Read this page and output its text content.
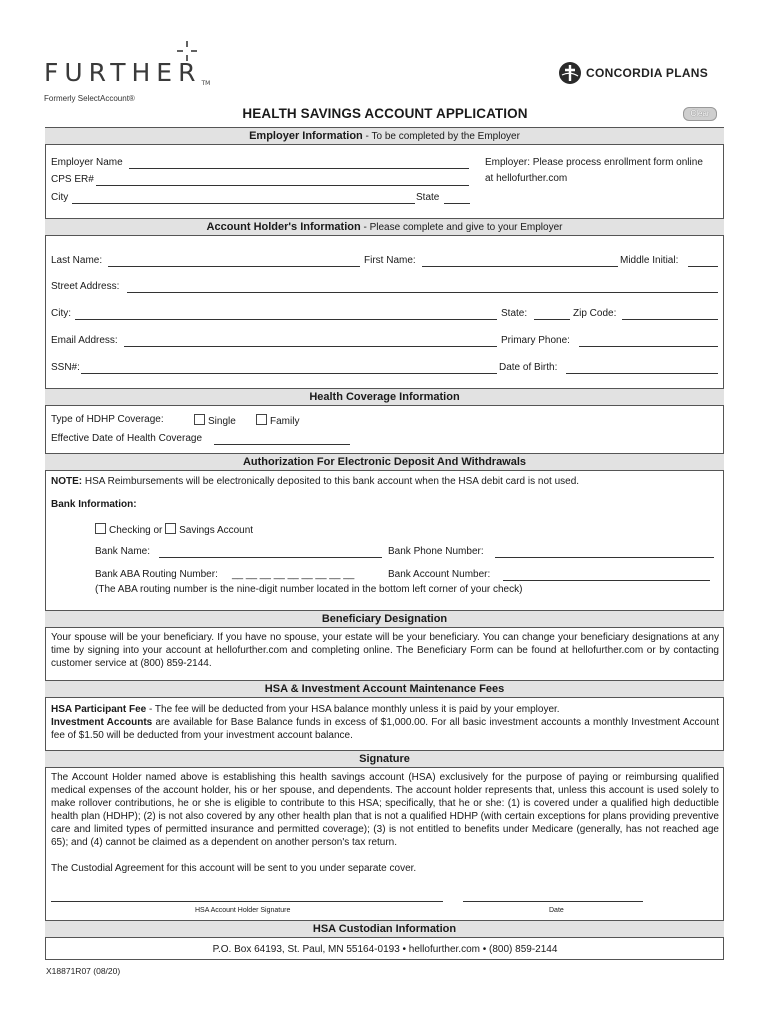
FURTHERTM
Formerly SelectAccount®
CONCORDIA PLANS
HEALTH SAVINGS ACCOUNT APPLICATION	Clear
Employer Information - To be completed by the Employer
Employer Name
CPS ER#
City	State
Employer: Please process enrollment form online
at hellofurther.com
Account Holder's Information - Please complete and give to your Employer
Last Name:	First Name:	Middle Initial:
Street Address:
City:	State:	Zip Code:
Email Address:	Primary Phone:
SSN#:	Date of Birth:
Health Coverage Information
Type of HDHP Coverage:	Single	Family
Effective Date of Health Coverage
Authorization For Electronic Deposit And Withdrawals
NOTE: HSA Reimbursements will be electronically deposited to this bank account when the HSA debit card is not used.
Bank Information:
Checking or Savings Account
Bank Name:	Bank Phone Number:
Bank ABA Routing Number: __ __ __ __ __ __ __ __ __	Bank Account Number:
(The ABA routing number is the nine-digit number located in the bottom left corner of your check)
Beneficiary Designation
Your spouse will be your beneficiary. If you have no spouse, your estate will be your beneficiary. You can change your beneficiary designations at any time by signing into your account at hellofurther.com and completing online. The Beneficiary Form can be found at hellofurther.com or by contacting customer service at (800) 859-2144.
HSA & Investment Account Maintenance Fees
HSA Participant Fee - The fee will be deducted from your HSA balance monthly unless it is paid by your employer.
Investment Accounts are available for Base Balance funds in excess of $1,000.00. For all basic investment accounts a monthly Investment Account fee of $1.50 will be deducted from your investment account balance.
Signature
The Account Holder named above is establishing this health savings account (HSA) exclusively for the purpose of paying or reimbursing qualified medical expenses of the account holder, his or her spouse, and dependents. The account holder represents that, unless this account is used solely to make rollover contributions, he or she is eligible to contribute to this HSA; specifically, that he or she: (1) is covered under a qualified high deductible health plan (HDHP); (2) is not also covered by any other health plan that is not a qualified HDHP (with certain exceptions for plans providing preventive care and limited types of permitted insurance and permitted coverage); (3) is not entitled to benefits under Medicare (generally, has not reached age 65); and (4) cannot be claimed as a dependent on another person's tax return.
The Custodial Agreement for this account will be sent to you under separate cover.
HSA Account Holder Signature	Date
HSA Custodian Information
P.O. Box 64193, St. Paul, MN 55164-0193 • hellofurther.com • (800) 859-2144
X18871R07 (08/20)
